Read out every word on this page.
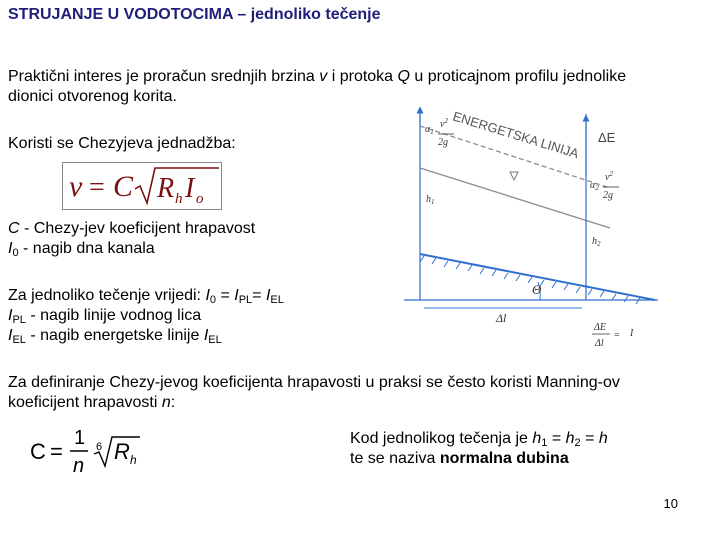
STRUJANJE U VODOTOCIMA – jednoliko tečenje
Praktični interes je proračun srednjih brzina v i protoka Q u proticajnom profilu jednolike
dionici otvorenog korita.
Koristi se Chezyjeva jednadžba:
v = C R h I o
C - Chezy-jev koeficijent hrapavost
$I_0$ - nagib dna kanala
Za jednoliko tečenje vrijedi: $I_0 = I_{PL}= I_{EL}$
$I_{PL}$ - nagib linije vodnog lica
$I_{EL}$ - nagib energetske linije $I_{EL}$
Za definiranje Chezy-jevog koeficijenta hrapavosti u praksi se često koristi Manning-ov
koeficijent hrapavosti n:
C =
1
n
6 R h
Kod jednolikog tečenja je $h_1 = h_2 = h$
te se naziva normalna dubina
ENERGETSKA LINIJA ΔE
$\alpha_1$
$v^2$
2g
$\alpha_2$
$v^2$
2g
$h_1$
$h_2$
Θ
Δl
ΔE
Δl
= I
10
